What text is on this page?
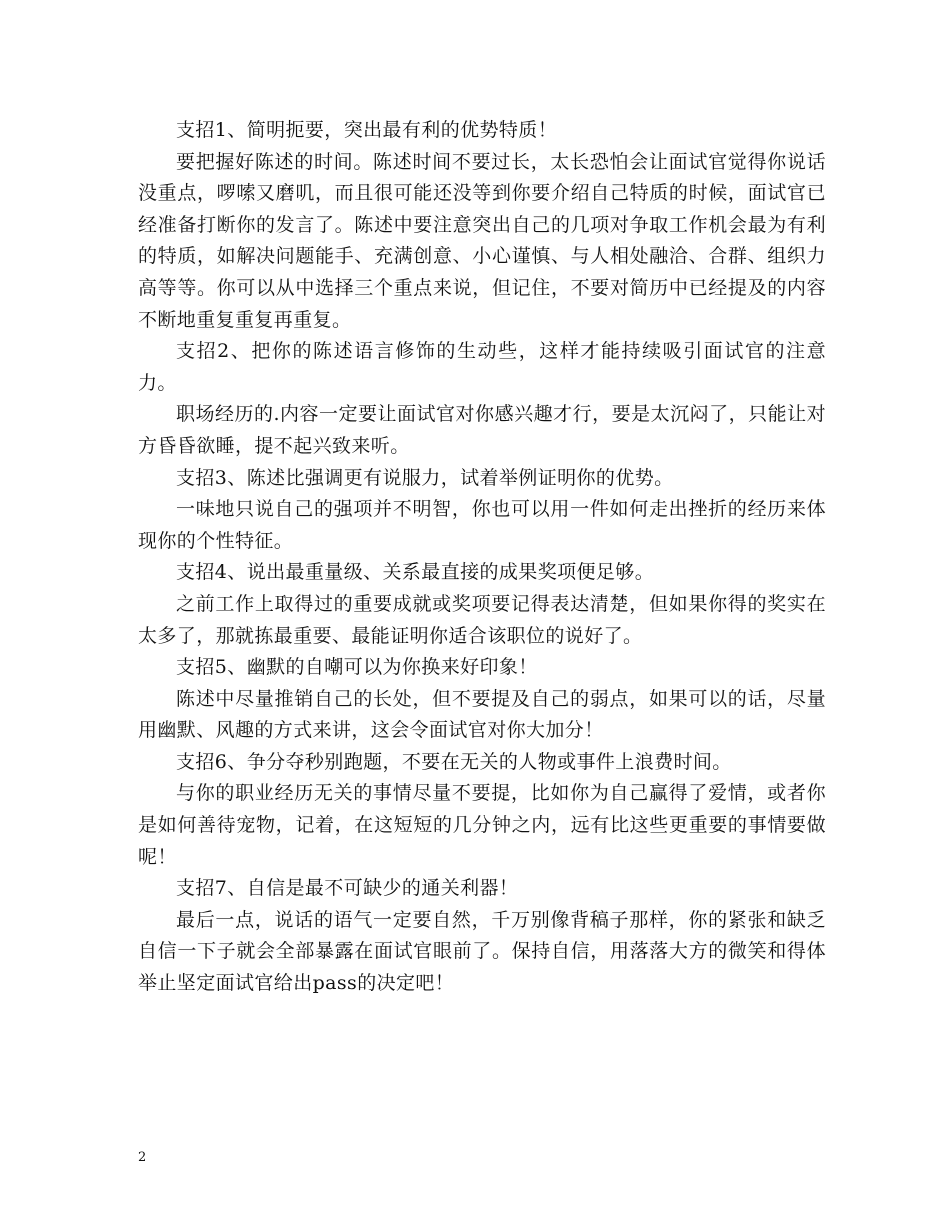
支招1、简明扼要，突出最有利的优势特质！

要把握好陈述的时间。陈述时间不要过长，太长恐怕会让面试官觉得你说话没重点，啰嗦又磨叽，而且很可能还没等到你要介绍自己特质的时候，面试官已经准备打断你的发言了。陈述中要注意突出自己的几项对争取工作机会最为有利的特质，如解决问题能手、充满创意、小心谨慎、与人相处融洽、合群、组织力高等等。你可以从中选择三个重点来说，但记住，不要对简历中已经提及的内容不断地重复重复再重复。

支招2、把你的陈述语言修饰的生动些，这样才能持续吸引面试官的注意力。

职场经历的.内容一定要让面试官对你感兴趣才行，要是太沉闷了，只能让对方昏昏欲睡，提不起兴致来听。

支招3、陈述比强调更有说服力，试着举例证明你的优势。

一味地只说自己的强项并不明智，你也可以用一件如何走出挫折的经历来体现你的个性特征。

支招4、说出最重量级、关系最直接的成果奖项便足够。

之前工作上取得过的重要成就或奖项要记得表达清楚，但如果你得的奖实在太多了，那就拣最重要、最能证明你适合该职位的说好了。

支招5、幽默的自嘲可以为你换来好印象！

陈述中尽量推销自己的长处，但不要提及自己的弱点，如果可以的话，尽量用幽默、风趣的方式来讲，这会令面试官对你大加分！

支招6、争分夺秒别跑题，不要在无关的人物或事件上浪费时间。

与你的职业经历无关的事情尽量不要提，比如你为自己赢得了爱情，或者你是如何善待宠物，记着，在这短短的几分钟之内，远有比这些更重要的事情要做呢！

支招7、自信是最不可缺少的通关利器！

最后一点，说话的语气一定要自然，千万别像背稿子那样，你的紧张和缺乏自信一下子就会全部暴露在面试官眼前了。保持自信，用落落大方的微笑和得体举止坚定面试官给出pass的决定吧！

2
